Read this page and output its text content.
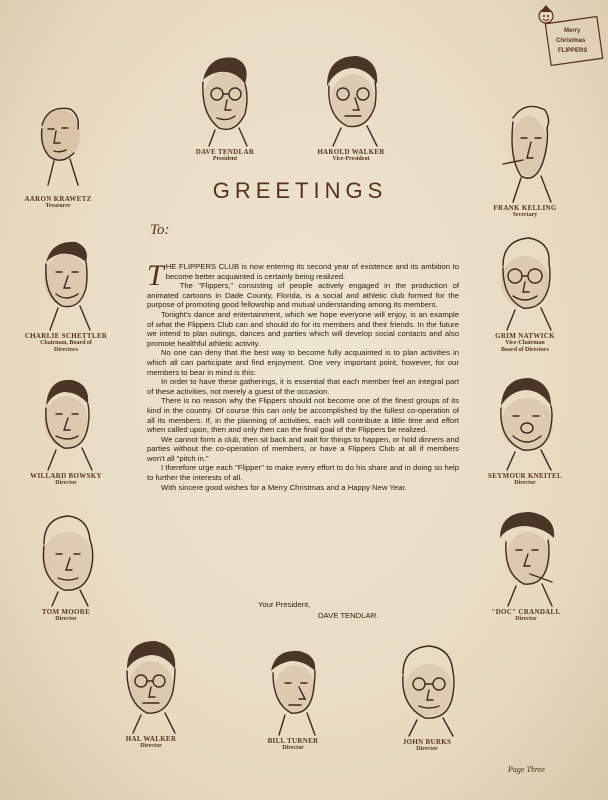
Merry
Christmas
FLIPPERS
AARON KRAWETZ
Treasurer
DAVE TENDLAR
President
HAROLD WALKER
Vice-President
FRANK KELLING
Secretary
CHARLIE SCHETTLER
Chairman, Board of
Directors
GRIM NATWICK
Vice-Chairman
Board of Directors
WILLARD BOWSKY
Director
SEYMOUR KNEITEL
Director
TOM MOORE
Director
"DOC" CRANDALL
Director
HAL WALKER
Director
BILL TURNER
Director
JOHN BURKS
Director
GREETINGS
To:

THE FLIPPERS CLUB is now entering its second year of existence and its ambition to become better acquainted is certainly being realized.

The "Flippers," consisting of people actively engaged in the production of animated cartoons in Dade County, Florida, is a social and athletic club formed for the purpose of promoting good fellowship and mutual understanding among its members.

Tonight's dance and entertainment, which we hope everyone will enjoy, is an example of what the Flippers Club can and should do for its members and their friends. In the future we intend to plan outings, dances and parties which will develop social contacts and also promote healthful athletic activity.

No one can deny that the best way to become fully acquainted is to plan activities in which all can participate and find enjoyment. One very important point, however, for our members to bear in mind is this:

In order to have these gatherings, it is essential that each member feel an integral part of these activities, not merely a guest of the occasion.

There is no reason why the Flippers should not become one of the finest groups of its kind in the country. Of course this can only be accomplished by the fullest co-operation of all its members. If, in the planning of activities, each will contribute a little time and effort when called upon, then and only then can the final goal of the Flippers be realized.

We cannot form a club, then sit back and wait for things to happen, or hold dinners and parties without the co-operation of members, or have a Flippers Club at all if members won't all "pitch in."

I therefore urge each "Flipper" to make every effort to do his share and in doing so help to further the interests of all.

With sincere good wishes for a Merry Christmas and a Happy New Year.

Your President,
DAVE TENDLAR.
Page Three
